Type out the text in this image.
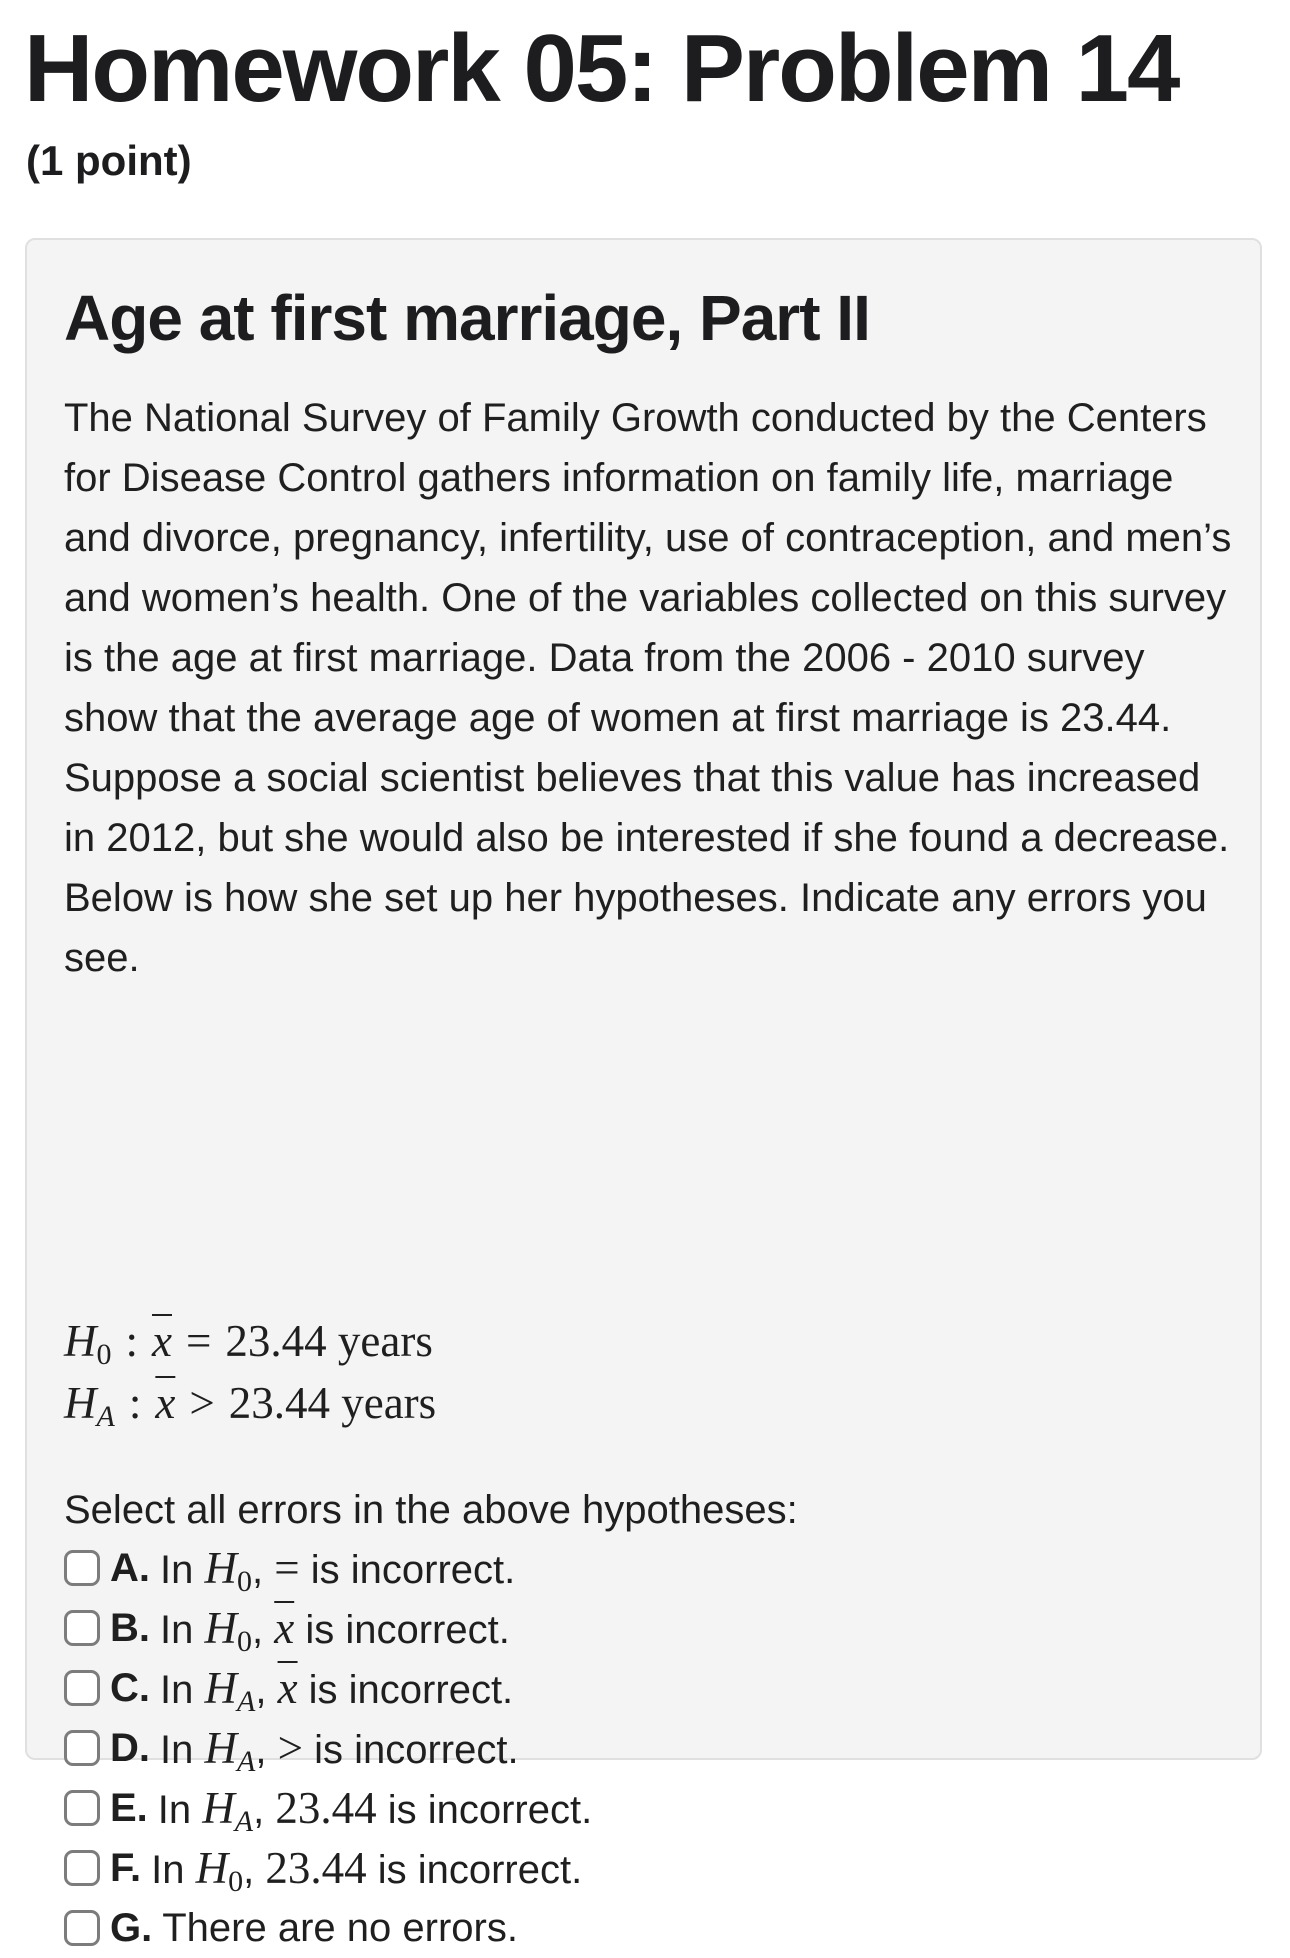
Homework 05: Problem 14
(1 point)
Age at first marriage, Part II

The National Survey of Family Growth conducted by the Centers for Disease Control gathers information on family life, marriage and divorce, pregnancy, infertility, use of contraception, and men’s and women’s health. One of the variables collected on this survey is the age at first marriage. Data from the 2006 - 2010 survey show that the average age of women at first marriage is 23.44. Suppose a social scientist believes that this value has increased in 2012, but she would also be interested if she found a decrease. Below is how she set up her hypotheses. Indicate any errors you see.

$H_0$ : $\overline{x} = 23.44$ years
$H_A$ : $\overline{x} > 23.44$ years
Select all errors in the above hypotheses:
A. In $H_0$, = is incorrect.
B. In $H_0$, $\overline{x}$ is incorrect.
C. In $H_A$, $\overline{x}$ is incorrect.
D. In $H_A$, > is incorrect.
E. In $H_A$, 23.44 is incorrect.
F. In $H_0$, 23.44 is incorrect.
G. There are no errors.
